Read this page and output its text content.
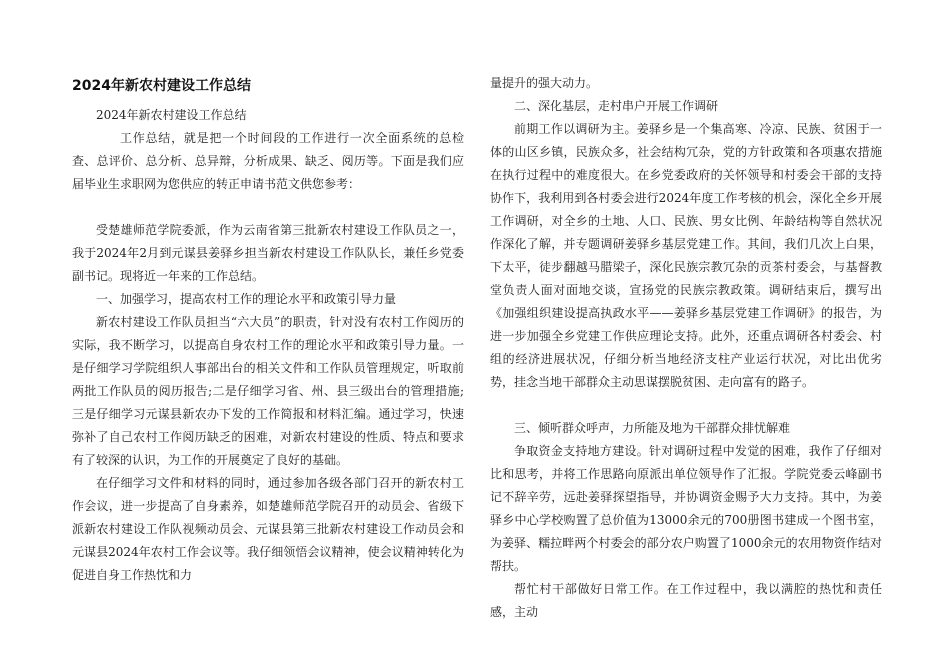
2024年新农村建设工作总结

2024年新农村建设工作总结

工作总结，就是把一个时间段的工作进行一次全面系统的总检查、总评价、总分析、总异辩，分析成果、缺乏、阅历等。下面是我们应届毕业生求职网为您供应的转正申请书范文供您参考：

受楚雄师范学院委派，作为云南省第三批新农村建设工作队员之一，我于2024年2月到元谋县姜驿乡担当新农村建设工作队队长，兼任乡党委副书记。现将近一年来的工作总结。

一、加强学习，提高农村工作的理论水平和政策引导力量

新农村建设工作队员担当“六大员”的职责，针对没有农村工作阅历的实际，我不断学习，以提高自身农村工作的理论水平和政策引导力量。一是仔细学习学院组织人事部出台的相关文件和工作队员管理规定，听取前两批工作队员的阅历报告;二是仔细学习省、州、县三级出台的管理措施;三是仔细学习元谋县新农办下发的工作简报和材料汇编。通过学习，快速弥补了自己农村工作阅历缺乏的困难，对新农村建设的性质、特点和要求有了较深的认识，为工作的开展奠定了良好的基础。

在仔细学习文件和材料的同时，通过参加各级各部门召开的新农村工作会议，进一步提高了自身素养，如楚雄师范学院召开的动员会、省级下派新农村建设工作队视频动员会、元谋县第三批新农村建设工作动员会和元谋县2024年农村工作会议等。我仔细领悟会议精神，使会议精神转化为促进自身工作热忱和力

量提升的强大动力。

二、深化基层，走村串户开展工作调研

前期工作以调研为主。姜驿乡是一个集高寒、冷凉、民族、贫困于一体的山区乡镇，民族众多，社会结构冗杂，党的方针政策和各项惠农措施在执行过程中的难度很大。在乡党委政府的关怀领导和村委会干部的支持协作下，我利用到各村委会进行2024年度工作考核的机会，深化全乡开展工作调研，对全乡的土地、人口、民族、男女比例、年龄结构等自然状况作深化了解，并专题调研姜驿乡基层党建工作。其间，我们几次上白果，下太平，徒步翻越马腊梁子，深化民族宗教冗杂的贡茶村委会，与基督教堂负责人面对面地交谈，宣扬党的民族宗教政策。调研结束后，撰写出《加强组织建设提高执政水平——姜驿乡基层党建工作调研》的报告，为进一步加强全乡党建工作供应理论支持。此外，还重点调研各村委会、村组的经济进展状况，仔细分析当地经济支柱产业运行状况，对比出优劣势，挂念当地干部群众主动思谋摆脱贫困、走向富有的路子。

三、倾听群众呼声，力所能及地为干部群众排忧解难

争取资金支持地方建设。针对调研过程中发觉的困难，我作了仔细对比和思考，并将工作思路向原派出单位领导作了汇报。学院党委云峰副书记不辞辛劳，远赴姜驿探望指导，并协调资金赐予大力支持。其中，为姜驿乡中心学校购置了总价值为13000余元的700册图书建成一个图书室，为姜驿、糯拉畔两个村委会的部分农户购置了1000余元的农用物资作结对帮扶。

帮忙村干部做好日常工作。在工作过程中，我以满腔的热忱和责任感，主动
